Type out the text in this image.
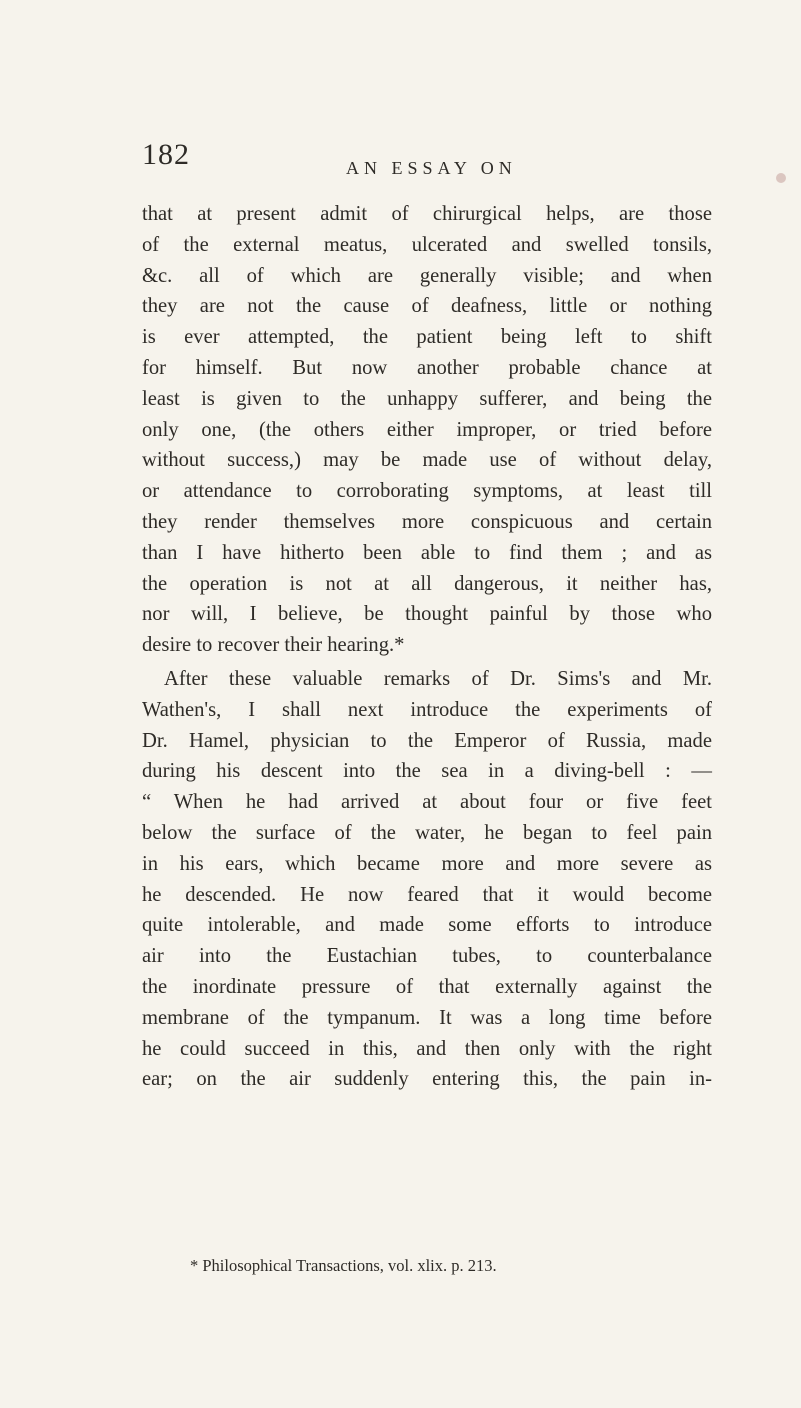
182	AN ESSAY ON
that at present admit of chirurgical helps, are those
of the external meatus, ulcerated and swelled tonsils,
&c. all of which are generally visible; and when
they are not the cause of deafness, little or nothing
is ever attempted, the patient being left to shift
for himself. But now another probable chance at
least is given to the unhappy sufferer, and being the
only one, (the others either improper, or tried before
without success,) may be made use of without delay,
or attendance to corroborating symptoms, at least till
they render themselves more conspicuous and certain
than I have hitherto been able to find them ; and as
the operation is not at all dangerous, it neither has,
nor will, I believe, be thought painful by those who
desire to recover their hearing.*
After these valuable remarks of Dr. Sims's and Mr.
Wathen's, I shall next introduce the experiments of
Dr. Hamel, physician to the Emperor of Russia, made
during his descent into the sea in a diving-bell : —
“ When he had arrived at about four or five feet
below the surface of the water, he began to feel pain
in his ears, which became more and more severe as
he descended. He now feared that it would become
quite intolerable, and made some efforts to introduce
air into the Eustachian tubes, to counterbalance
the inordinate pressure of that externally against the
membrane of the tympanum. It was a long time before
he could succeed in this, and then only with the right
ear; on the air suddenly entering this, the pain in-
* Philosophical Transactions, vol. xlix. p. 213.
